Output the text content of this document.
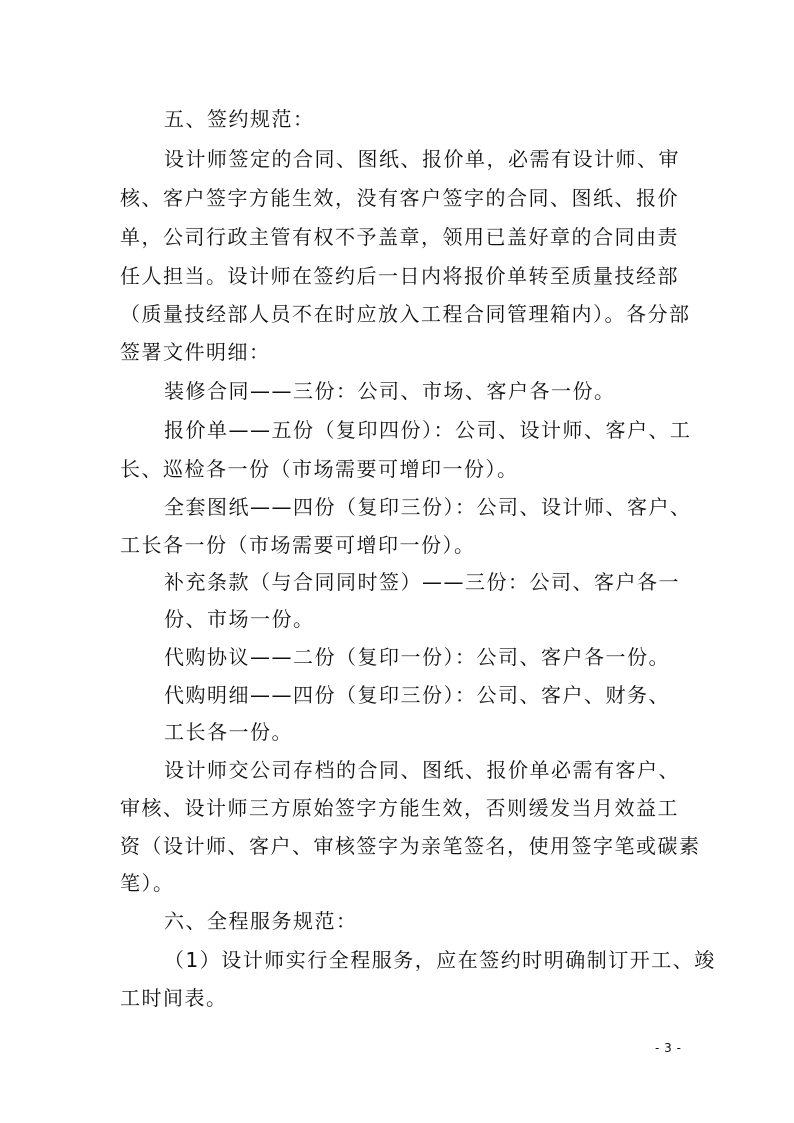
五、签约规范：

设计师签定的合同、图纸、报价单，必需有设计师、审

核、客户签字方能生效，没有客户签字的合同、图纸、报价

单，公司行政主管有权不予盖章，领用已盖好章的合同由责

任人担当。设计师在签约后一日内将报价单转至质量技经部

（质量技经部人员不在时应放入工程合同管理箱内）。各分部

签署文件明细：

装修合同——三份：公司、市场、客户各一份。

报价单——五份（复印四份）：公司、设计师、客户、工

长、巡检各一份（市场需要可增印一份）。

全套图纸——四份（复印三份）：公司、设计师、客户、

工长各一份（市场需要可增印一份）。

补充条款（与合同同时签）——三份：公司、客户各一

份、市场一份。

代购协议——二份（复印一份）：公司、客户各一份。

代购明细——四份（复印三份）：公司、客户、财务、

工长各一份。

设计师交公司存档的合同、图纸、报价单必需有客户、

审核、设计师三方原始签字方能生效，否则缓发当月效益工

资（设计师、客户、审核签字为亲笔签名，使用签字笔或碳素

笔）。

六、全程服务规范：

（1）设计师实行全程服务，应在签约时明确制订开工、竣

工时间表。

- 3 -
